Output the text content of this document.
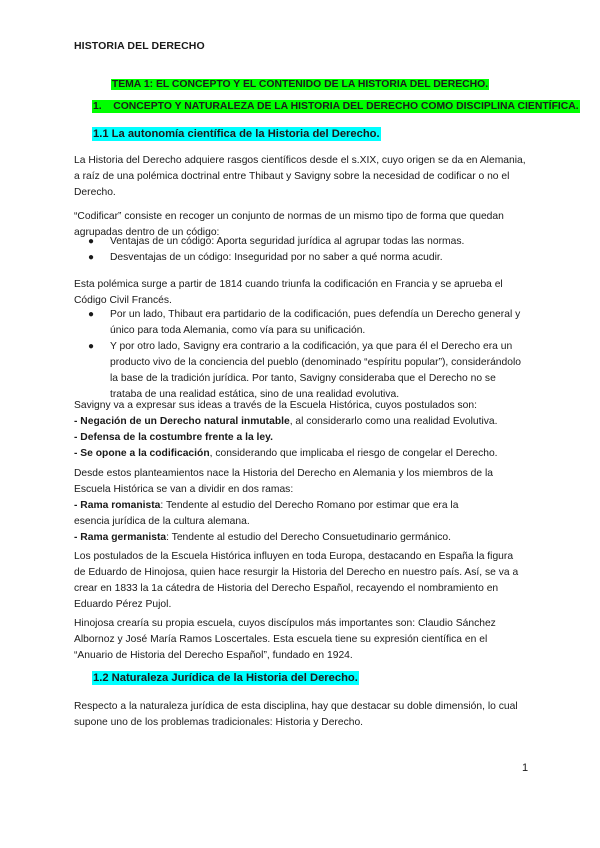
HISTORIA DEL DERECHO
TEMA 1: EL CONCEPTO Y EL CONTENIDO DE LA HISTORIA DEL DERECHO.
1.    CONCEPTO Y NATURALEZA DE LA HISTORIA DEL DERECHO COMO DISCIPLINA CIENTÍFICA.
1.1 La autonomía científica de la Historia del Derecho.

La Historia del Derecho adquiere rasgos científicos desde el s.XIX, cuyo origen se da en Alemania, a raíz de una polémica doctrinal entre Thibaut y Savigny sobre la necesidad de codificar o no el Derecho.

“Codificar” consiste en recoger un conjunto de normas de un mismo tipo de forma que quedan agrupadas dentro de un código:

● Ventajas de un código: Aporta seguridad jurídica al agrupar todas las normas.
● Desventajas de un código: Inseguridad por no saber a qué norma acudir.

Esta polémica surge a partir de 1814 cuando triunfa la codificación en Francia y se aprueba el Código Civil Francés.

● Por un lado, Thibaut era partidario de la codificación, pues defendía un Derecho general y único para toda Alemania, como vía para su unificación.
● Y por otro lado, Savigny era contrario a la codificación, ya que para él el Derecho era un producto vivo de la conciencia del pueblo (denominado “espíritu popular”), considerándolo la base de la tradición jurídica. Por tanto, Savigny consideraba que el Derecho no se trataba de una realidad estática, sino de una realidad evolutiva.
Savigny va a expresar sus ideas a través de la Escuela Histórica, cuyos postulados son:
- Negación de un Derecho natural inmutable, al considerarlo como una realidad Evolutiva.
- Defensa de la costumbre frente a la ley.
- Se opone a la codificación, considerando que implicaba el riesgo de congelar el Derecho.
Desde estos planteamientos nace la Historia del Derecho en Alemania y los miembros de la Escuela Histórica se van a dividir en dos ramas:
- Rama romanista: Tendente al estudio del Derecho Romano por estimar que era la
esencia jurídica de la cultura alemana.
- Rama germanista: Tendente al estudio del Derecho Consuetudinario germánico.

Los postulados de la Escuela Histórica influyen en toda Europa, destacando en España la figura de Eduardo de Hinojosa, quien hace resurgir la Historia del Derecho en nuestro país. Así, se va a crear en 1833 la 1a cátedra de Historia del Derecho Español, recayendo el nombramiento en Eduardo Pérez Pujol.

Hinojosa crearía su propia escuela, cuyos discípulos más importantes son: Claudio Sánchez Albornoz y José María Ramos Loscertales. Esta escuela tiene su expresión científica en el “Anuario de Historia del Derecho Español”, fundado en 1924.

1.2 Naturaleza Jurídica de la Historia del Derecho.

Respecto a la naturaleza jurídica de esta disciplina, hay que destacar su doble dimensión, lo cual supone uno de los problemas tradicionales: Historia y Derecho.

1
